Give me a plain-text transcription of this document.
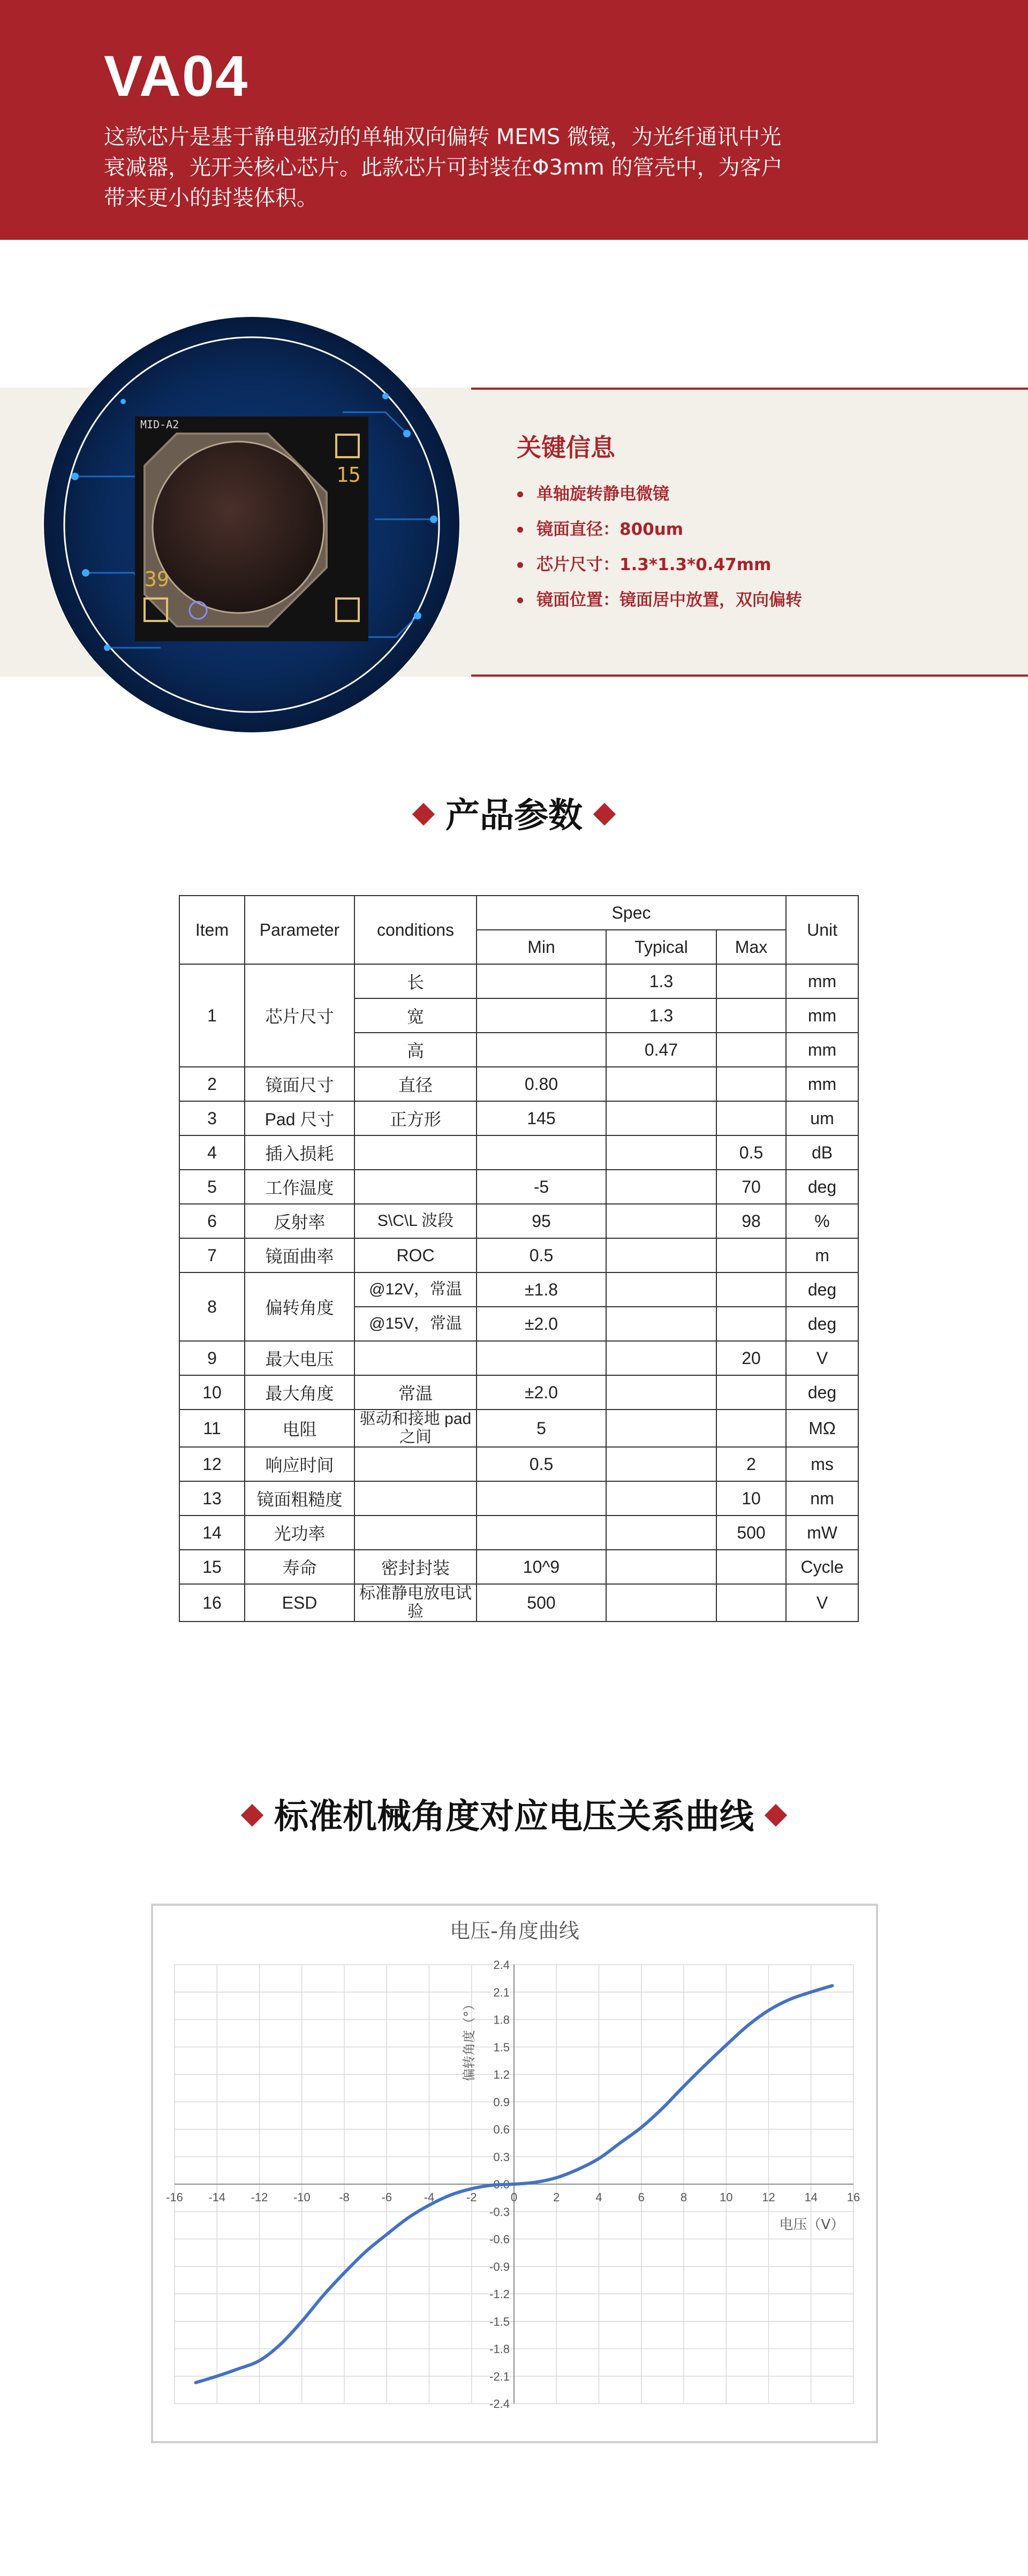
VA04

这款芯片是基于静电驱动的单轴双向偏转 MEMS 微镜，为光纤通讯中光
衰减器，光开关核心芯片。此款芯片可封装在Φ3mm 的管壳中，为客户
带来更小的封装体积。

关键信息
单轴旋转静电微镜
镜面直径：800um
芯片尺寸：1.3*1.3*0.47mm
镜面位置：镜面居中放置，双向偏转
MID-A2
15
39
产品参数
Item	Parameter	conditions	Spec			Unit
			Min	Typical	Max	
1	芯片尺寸	长		1.3		mm
		宽		1.3		mm
		高		0.47		mm
2	镜面尺寸	直径	0.80			mm
3	Pad 尺寸	正方形	145			um
4	插入损耗				0.5	dB
5	工作温度		-5		70	deg
6	反射率	S\C\L 波段	95		98	%
7	镜面曲率	ROC	0.5			m
8	偏转角度	@12V，常温	±1.8			deg
		@15V，常温	±2.0			deg
9	最大电压				20	V
10	最大角度	常温	±2.0			deg
11	电阻	驱动和接地 pad 之间	5			MΩ
12	响应时间		0.5		2	ms
13	镜面粗糙度				10	nm
14	光功率				500	mW
15	寿命	密封封装	10^9			Cycle
16	ESD	标准静电放电试验	500			V
标准机械角度对应电压关系曲线
-16 -14 -12 -10 -8	-6	-4	-2	0	2	4	6	8	10 12 14 16
-2.4
-2.1
-1.8
-1.5
-1.2
-0.9
-0.6
-0.3
0.0
0.3
0.6
0.9
1.2
1.5
1.8
2.1
2.4
电压-角度曲线
电压（V）
偏转角度（°）
